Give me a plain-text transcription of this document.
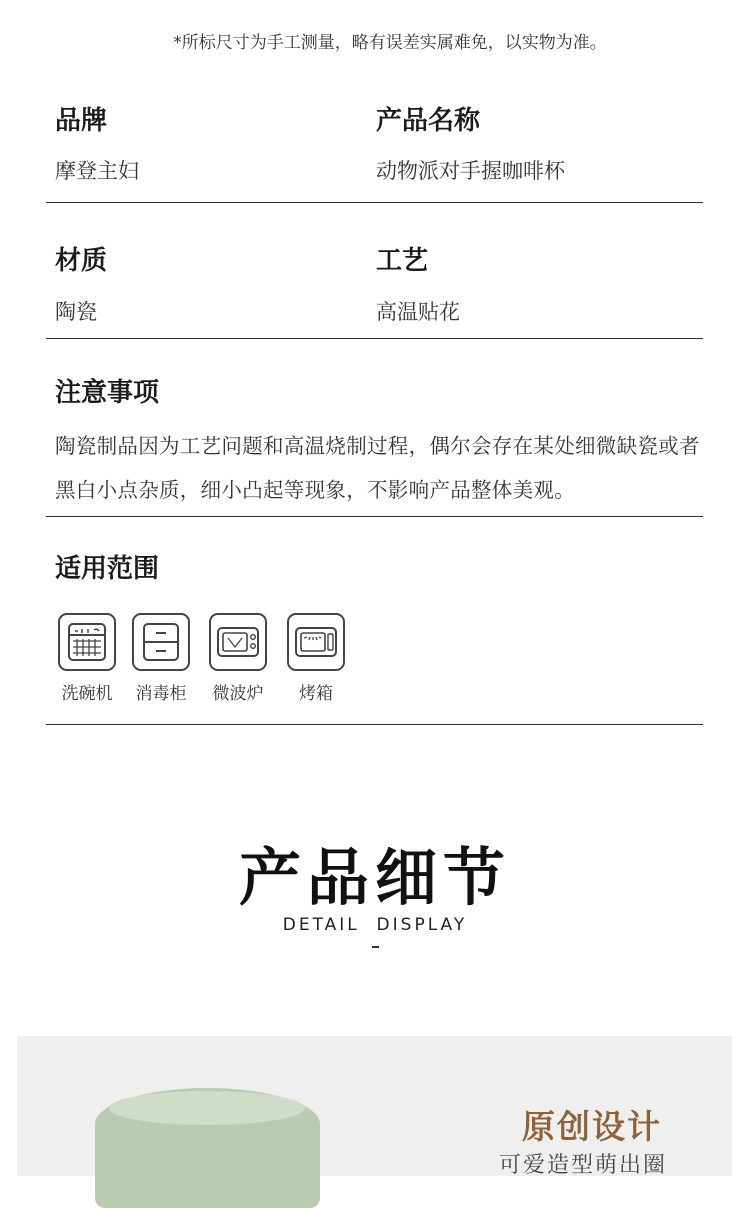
*所标尺寸为手工测量，略有误差实属难免，以实物为准。
品牌
摩登主妇
产品名称
动物派对手握咖啡杯
材质
陶瓷
工艺
高温贴花
注意事项
陶瓷制品因为工艺问题和高温烧制过程，偶尔会存在某处细微缺瓷或者黑白小点杂质，细小凸起等现象，不影响产品整体美观。
适用范围
洗碗机	消毒柜	微波炉	烤箱
产品细节
DETAIL  DISPLAY
原创设计
可爱造型萌出圈
